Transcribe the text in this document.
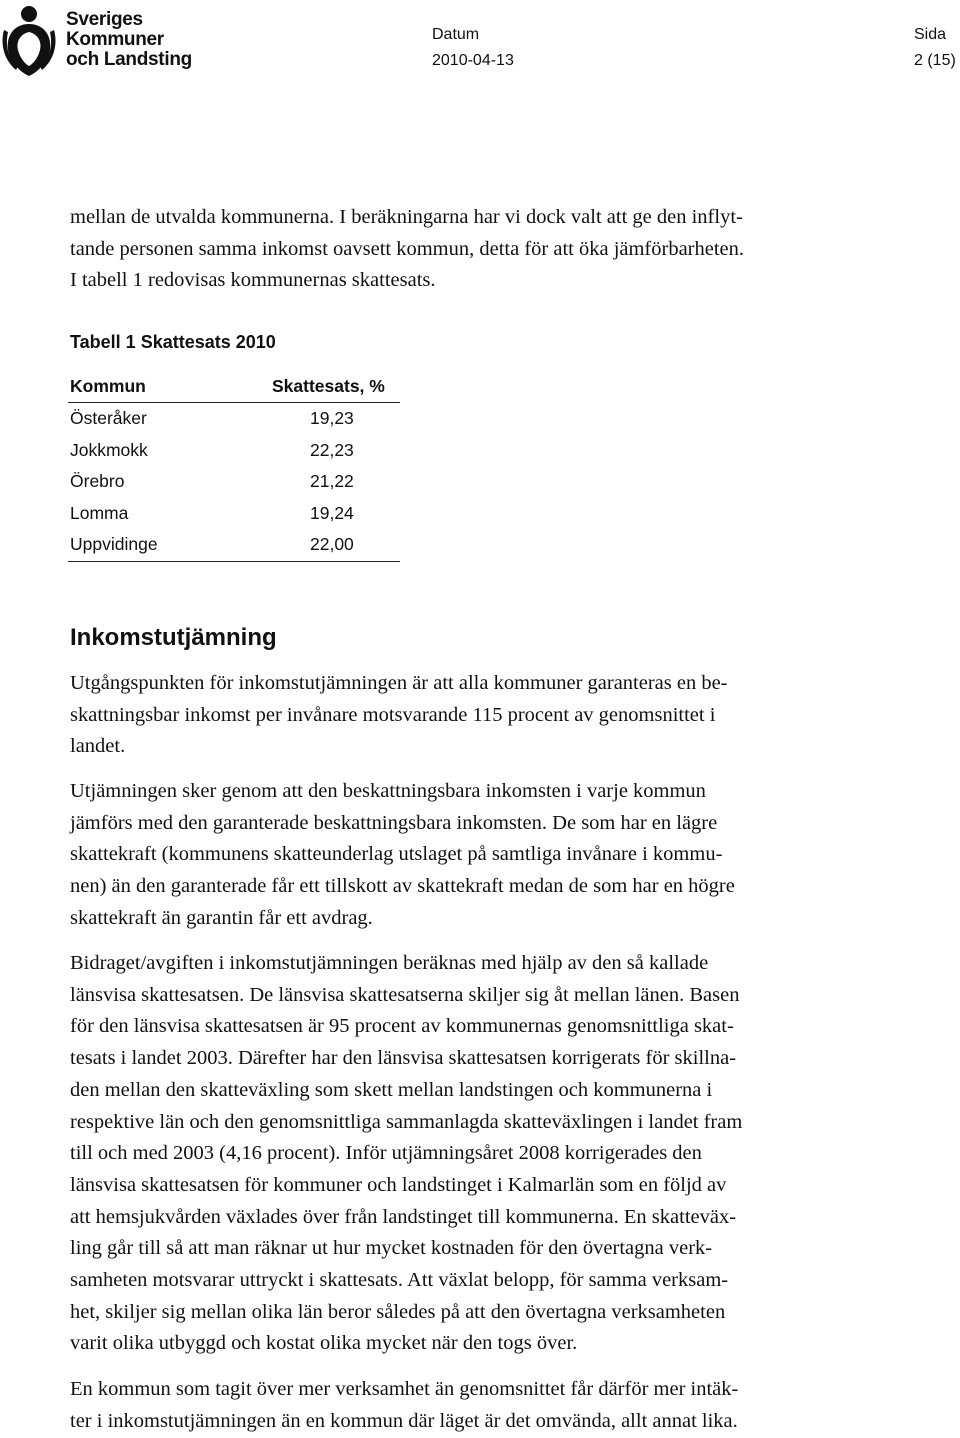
Sveriges
Kommuner
och Landsting
Datum
2010-04-13
Sida
2 (15)
mellan de utvalda kommunerna. I beräkningarna har vi dock valt att ge den inflyt-
tande personen samma inkomst oavsett kommun, detta för att öka jämförbarheten.
I tabell 1 redovisas kommunernas skattesats.
Tabell 1 Skattesats 2010
Kommun	Skattesats, %
Österåker	19,23
Jokkmokk	22,23
Örebro	21,22
Lomma	19,24
Uppvidinge	22,00
Inkomstutjämning
Utgångspunkten för inkomstutjämningen är att alla kommuner garanteras en be-
skattningsbar inkomst per invånare motsvarande 115 procent av genomsnittet i
landet.
Utjämningen sker genom att den beskattningsbara inkomsten i varje kommun
jämförs med den garanterade beskattningsbara inkomsten. De som har en lägre
skattekraft (kommunens skatteunderlag utslaget på samtliga invånare i kommu-
nen) än den garanterade får ett tillskott av skattekraft medan de som har en högre
skattekraft än garantin får ett avdrag.
Bidraget/avgiften i inkomstutjämningen beräknas med hjälp av den så kallade
länsvisa skattesatsen. De länsvisa skattesatserna skiljer sig åt mellan länen. Basen
för den länsvisa skattesatsen är 95 procent av kommunernas genomsnittliga skat-
tesats i landet 2003. Därefter har den länsvisa skattesatsen korrigerats för skillna-
den mellan den skatteväxling som skett mellan landstingen och kommunerna i
respektive län och den genomsnittliga sammanlagda skatteväxlingen i landet fram
till och med 2003 (4,16 procent). Inför utjämningsåret 2008 korrigerades den
länsvisa skattesatsen för kommuner och landstinget i Kalmarlän som en följd av
att hemsjukvården växlades över från landstinget till kommunerna. En skatteväx-
ling går till så att man räknar ut hur mycket kostnaden för den övertagna verk-
samheten motsvarar uttryckt i skattesats. Att växlat belopp, för samma verksam-
het, skiljer sig mellan olika län beror således på att den övertagna verksamheten
varit olika utbyggd och kostat olika mycket när den togs över.
En kommun som tagit över mer verksamhet än genomsnittet får därför mer intäk-
ter i inkomstutjämningen än en kommun där läget är det omvända, allt annat lika.
